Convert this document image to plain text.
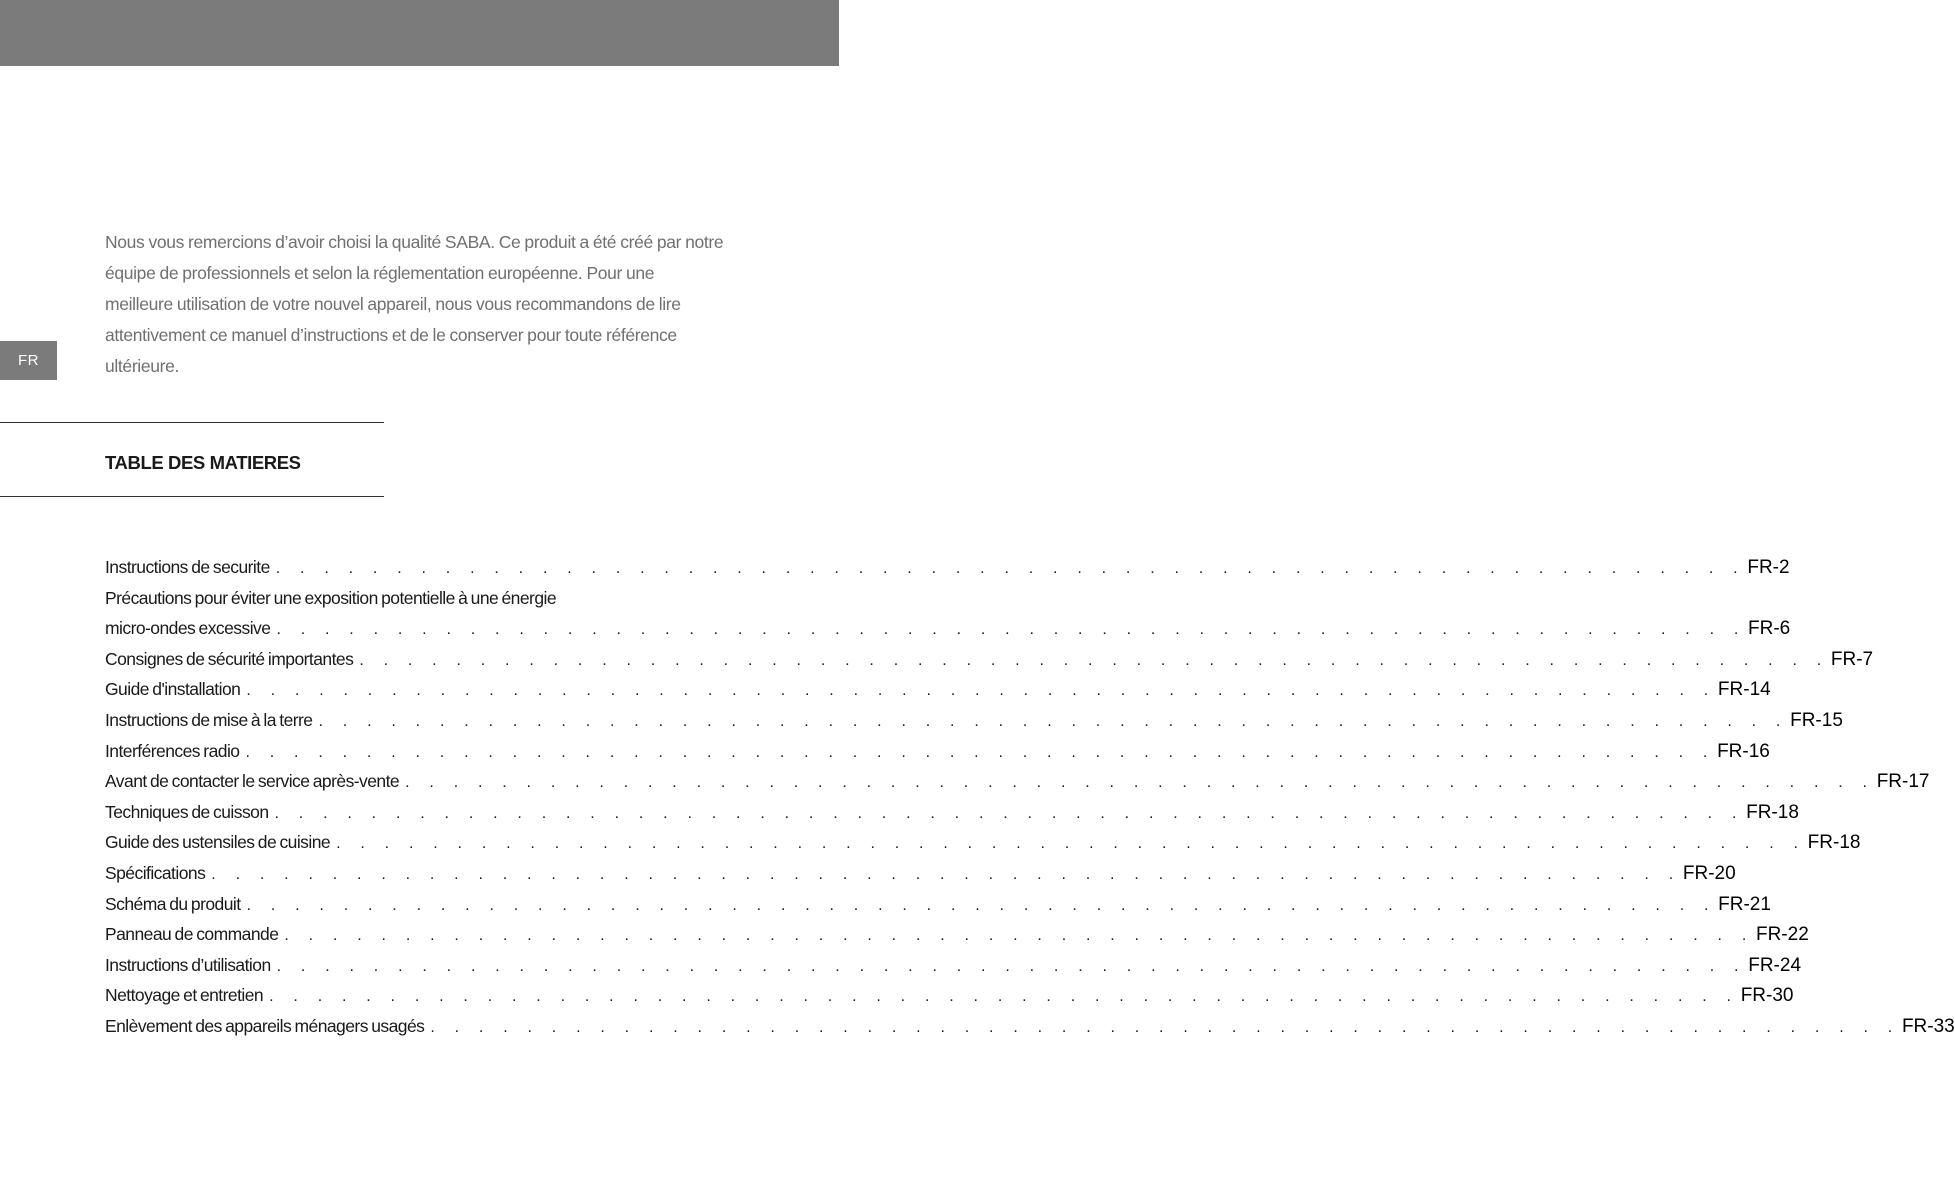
FR

Nous vous remercions d’avoir choisi la qualité SABA. Ce produit a été créé par notre équipe de professionnels et selon la réglementation européenne. Pour une meilleure utilisation de votre nouvel appareil, nous vous recommandons de lire attentivement ce manuel d’instructions et de le conserver pour toute référence ultérieure.

TABLE DES MATIERES
Instructions de securite . . . . . . . . . . . . . . . . . . . . . . . . . . . . . . . . . . . . . . . . . . . . . . . . . . . . . . . . . . . . . FR-2
Précautions pour éviter une exposition potentielle à une énergie
micro-ondes excessive . . . . . . . . . . . . . . . . . . . . . . . . . . . . . . . . . . . . . . . . . . . . . . . . . . . . . . . . . . . . . FR-6
Consignes de sécurité importantes . . . . . . . . . . . . . . . . . . . . . . . . . . . . . . . . . . . . . . . . . . . . . . . . . . . . . . . . . . . . . FR-7
Guide d'installation . . . . . . . . . . . . . . . . . . . . . . . . . . . . . . . . . . . . . . . . . . . . . . . . . . . . . . . . . . . . . FR-14
Instructions de mise à la terre . . . . . . . . . . . . . . . . . . . . . . . . . . . . . . . . . . . . . . . . . . . . . . . . . . . . . . . . . . . . . FR-15
Interférences radio . . . . . . . . . . . . . . . . . . . . . . . . . . . . . . . . . . . . . . . . . . . . . . . . . . . . . . . . . . . . . FR-16
Avant de contacter le service après-vente . . . . . . . . . . . . . . . . . . . . . . . . . . . . . . . . . . . . . . . . . . . . . . . . . . . . . . . . . . . . . FR-17
Techniques de cuisson . . . . . . . . . . . . . . . . . . . . . . . . . . . . . . . . . . . . . . . . . . . . . . . . . . . . . . . . . . . . . FR-18
Guide des ustensiles de cuisine . . . . . . . . . . . . . . . . . . . . . . . . . . . . . . . . . . . . . . . . . . . . . . . . . . . . . . . . . . . . . FR-18
Spécifications . . . . . . . . . . . . . . . . . . . . . . . . . . . . . . . . . . . . . . . . . . . . . . . . . . . . . . . . . . . . . FR-20
Schéma du produit . . . . . . . . . . . . . . . . . . . . . . . . . . . . . . . . . . . . . . . . . . . . . . . . . . . . . . . . . . . . . FR-21
Panneau de commande . . . . . . . . . . . . . . . . . . . . . . . . . . . . . . . . . . . . . . . . . . . . . . . . . . . . . . . . . . . . . FR-22
Instructions d’utilisation . . . . . . . . . . . . . . . . . . . . . . . . . . . . . . . . . . . . . . . . . . . . . . . . . . . . . . . . . . . . . FR-24
Nettoyage et entretien . . . . . . . . . . . . . . . . . . . . . . . . . . . . . . . . . . . . . . . . . . . . . . . . . . . . . . . . . . . . . FR-30
Enlèvement des appareils ménagers usagés . . . . . . . . . . . . . . . . . . . . . . . . . . . . . . . . . . . . . . . . . . . . . . . . . . . . . . . . . . . . . FR-33
